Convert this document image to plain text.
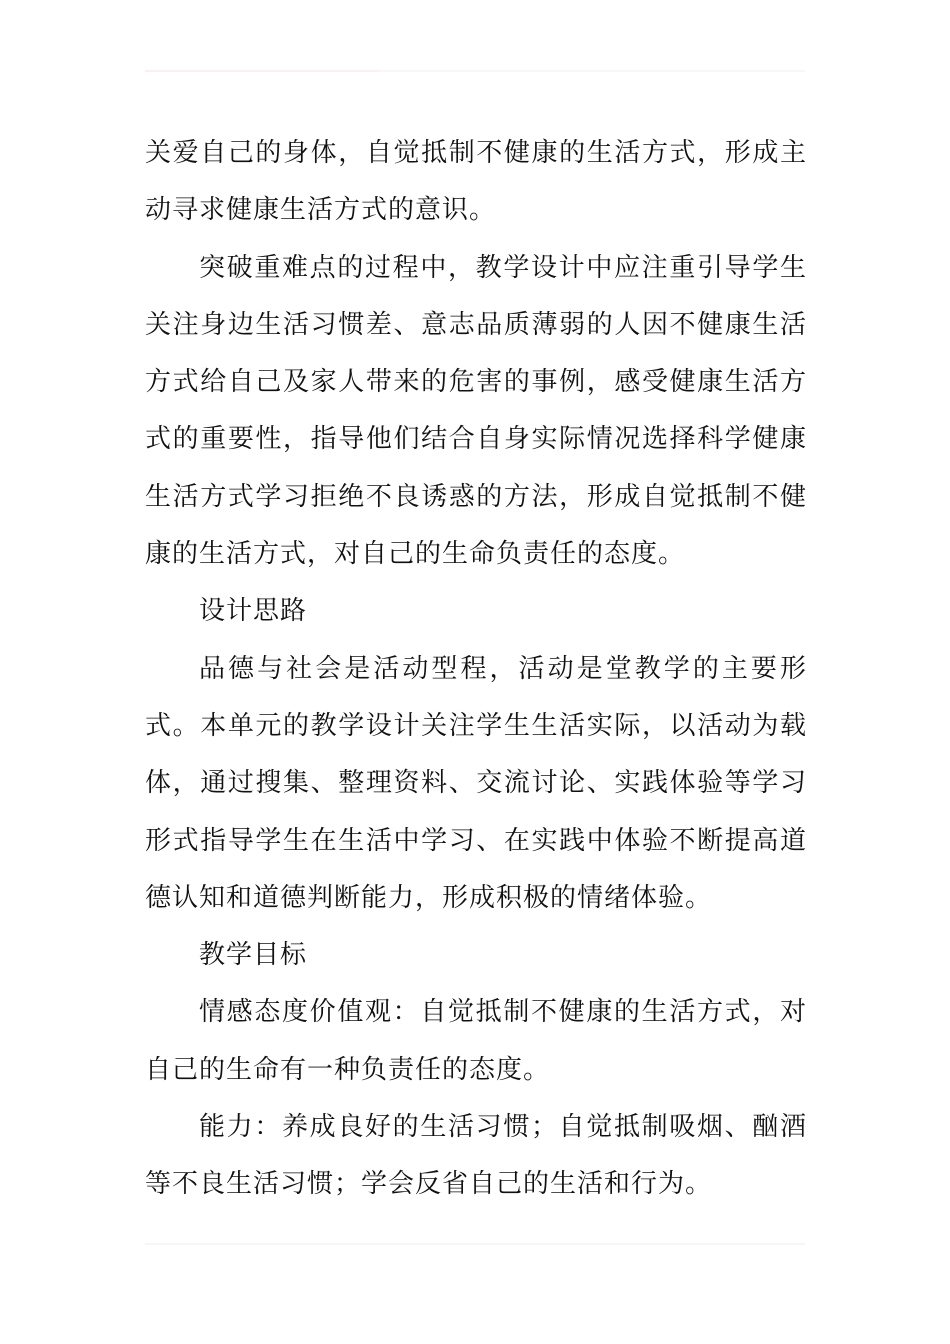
关爱自己的身体，自觉抵制不健康的生活方式，形成主动寻求健康生活方式的意识。

突破重难点的过程中，教学设计中应注重引导学生关注身边生活习惯差、意志品质薄弱的人因不健康生活方式给自己及家人带来的危害的事例，感受健康生活方式的重要性，指导他们结合自身实际情况选择科学健康生活方式学习拒绝不良诱惑的方法，形成自觉抵制不健康的生活方式，对自己的生命负责任的态度。

设计思路

品德与社会是活动型程，活动是堂教学的主要形式。本单元的教学设计关注学生生活实际，以活动为载体，通过搜集、整理资料、交流讨论、实践体验等学习形式指导学生在生活中学习、在实践中体验不断提高道德认知和道德判断能力，形成积极的情绪体验。

教学目标

情感态度价值观：自觉抵制不健康的生活方式，对自己的生命有一种负责任的态度。

能力：养成良好的生活习惯；自觉抵制吸烟、酗酒等不良生活习惯；学会反省自己的生活和行为。
